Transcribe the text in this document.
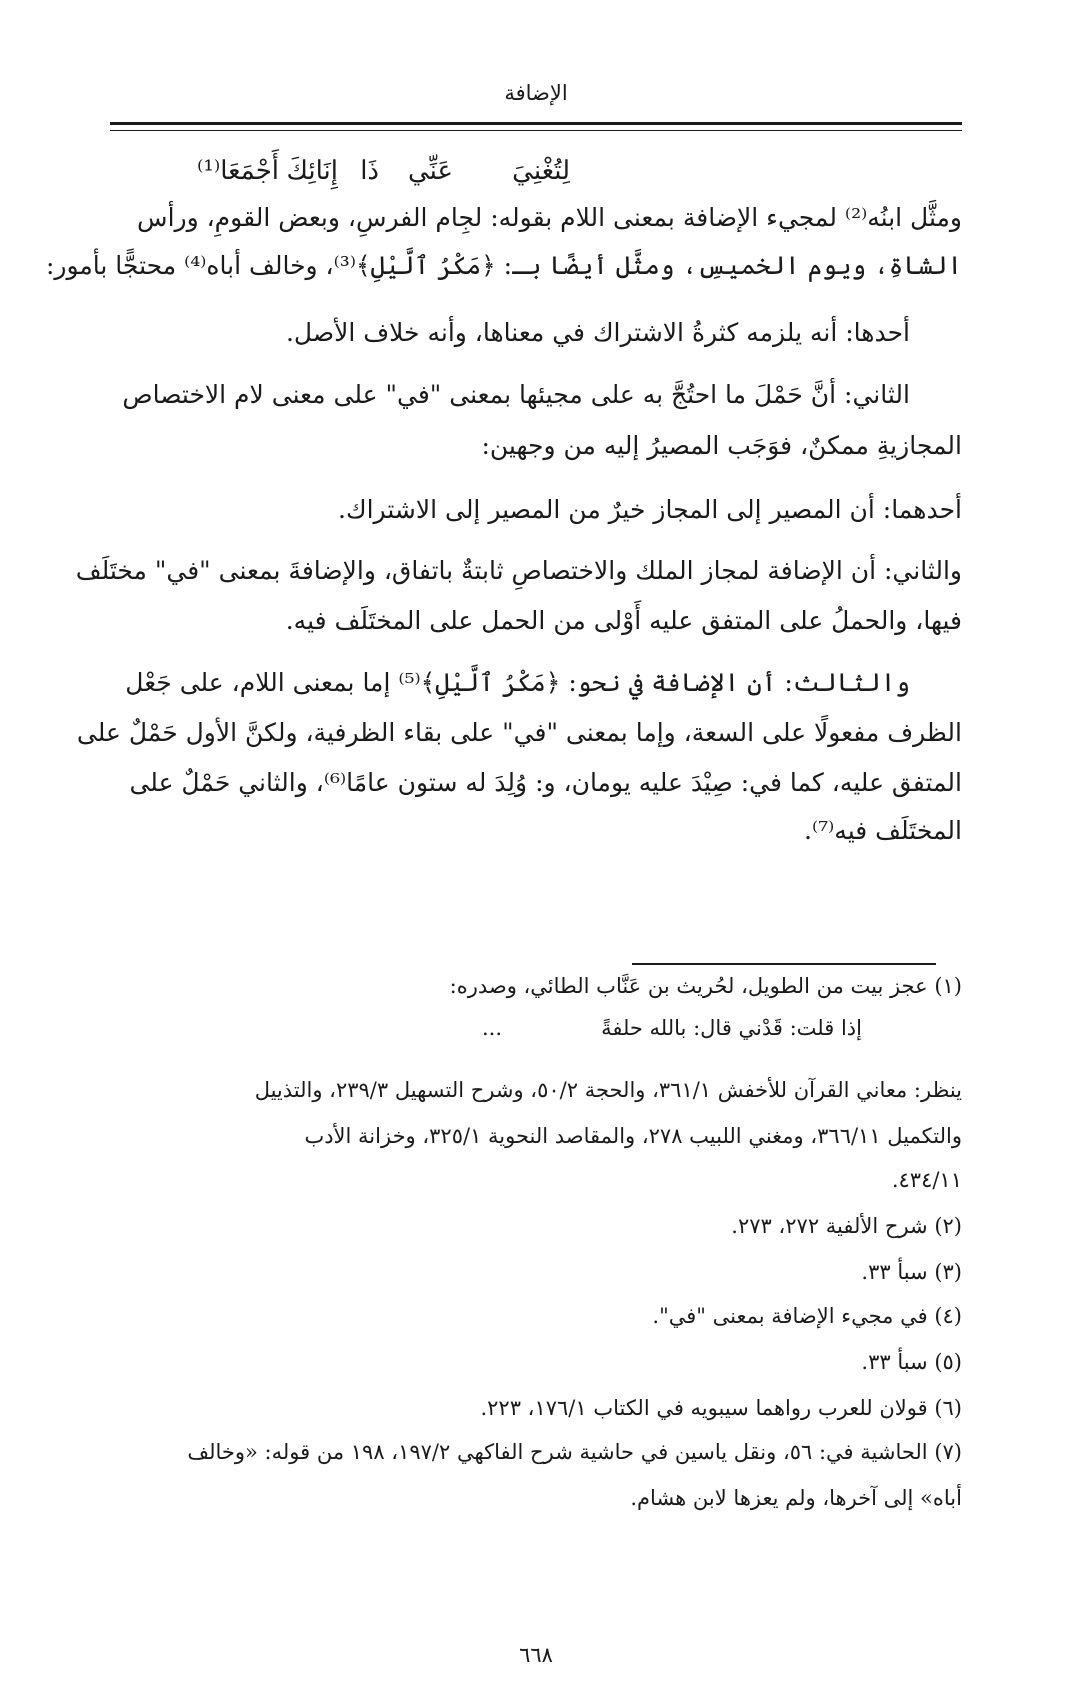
الإضافة
لِتُغْنِيَ
عَنِّي
ذَا
إِنَائِكَ
أَجْمَعَا⁽¹⁾
ومثَّل ابنُه⁽²⁾ لمجيء الإضافة بمعنى اللام بقوله: لجِام الفرسِ، وبعض القومِ، ورأس
الشاةِ، ويوم الخميسِ، ومثَّل أيضًا بـ: ﴿مَكْرُ ٱلَّيْلِ﴾⁽³⁾، وخالف أباه⁽⁴⁾ محتجًّا بأمور:
أحدها: أنه يلزمه كثرةُ الاشتراك في معناها، وأنه خلاف الأصل.
الثاني: أنَّ حَمْلَ ما احتُجَّ به على مجيئها بمعنى "في" على معنى لام الاختصاص
المجازيةِ ممكنٌ، فوَجَب المصيرُ إليه من وجهين:
أحدهما: أن المصير إلى المجاز خيرٌ من المصير إلى الاشتراك.
والثاني: أن الإضافة لمجاز الملك والاختصاصِ ثابتةٌ باتفاق، والإضافةَ بمعنى "في" مختَلَف
فيها، والحملُ على المتفق عليه أَوْلى من الحمل على المختَلَف فيه.
والثالث: أن الإضافة في نحو: ﴿مَكْرُ ٱلَّيْلِ﴾⁽⁵⁾ إما بمعنى اللام، على جَعْل
الظرف مفعولًا على السعة، وإما بمعنى "في" على بقاء الظرفية، ولكنَّ الأول حَمْلٌ على
المتفق عليه، كما في: صِيْدَ عليه يومان، و: وُلِدَ له ستون عامًا⁽⁶⁾، والثاني حَمْلٌ على
المختَلَف فيه⁽⁷⁾.
(١) عجز بيت من الطويل، لحُريث بن عَنَّاب الطائي، وصدره:
إذا قلت: قَدْني قال: بالله حلفةً
...
ينظر: معاني القرآن للأخفش ٣٦١/١، والحجة ٥٠/٢، وشرح التسهيل ٢٣٩/٣، والتذييل
والتكميل ٣٦٦/١١، ومغني اللبيب ٢٧٨، والمقاصد النحوية ٣٢٥/١، وخزانة الأدب
٤٣٤/١١.
(٢) شرح الألفية ٢٧٢، ٢٧٣.
(٣) سبأ ٣٣.
(٤) في مجيء الإضافة بمعنى "في".
(٥) سبأ ٣٣.
(٦) قولان للعرب رواهما سيبويه في الكتاب ١٧٦/١، ٢٢٣.
(٧) الحاشية في: ٥٦، ونقل ياسين في حاشية شرح الفاكهي ١٩٧/٢، ١٩٨ من قوله: «وخالف
أباه» إلى آخرها، ولم يعزها لابن هشام.
٦٦٨
